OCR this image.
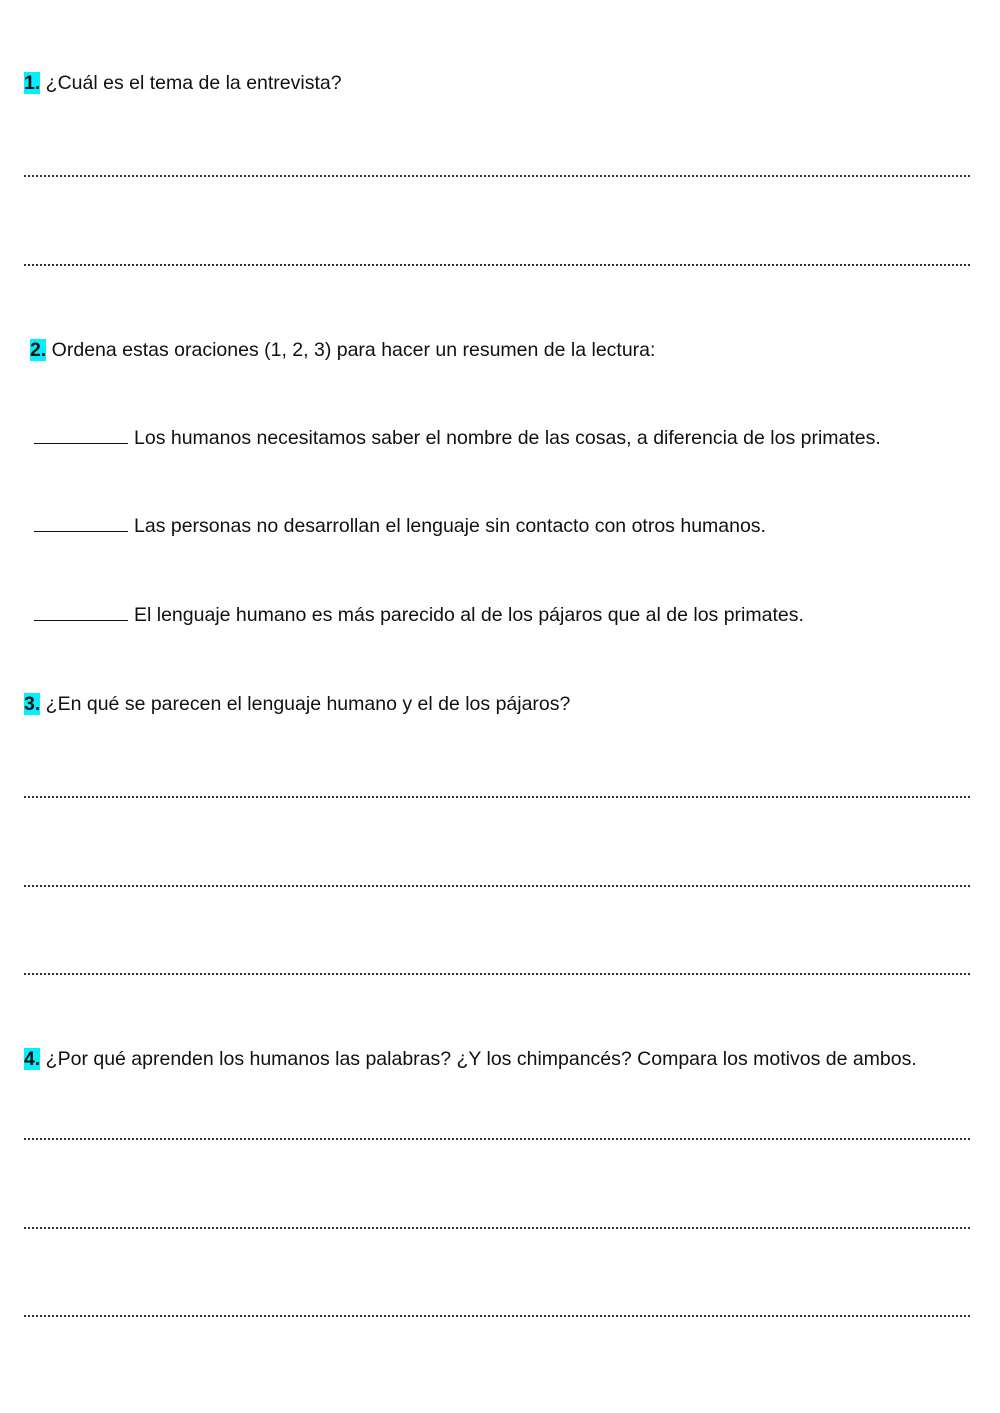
1. ¿Cuál es el tema de la entrevista?
2. Ordena estas oraciones (1, 2, 3) para hacer un resumen de la lectura:
Los humanos necesitamos saber el nombre de las cosas, a diferencia de los primates.
Las personas no desarrollan el lenguaje sin contacto con otros humanos.
El lenguaje humano es más parecido al de los pájaros que al de los primates.
3. ¿En qué se parecen el lenguaje humano y el de los pájaros?
4. ¿Por qué aprenden los humanos las palabras? ¿Y los chimpancés? Compara los motivos de ambos.
